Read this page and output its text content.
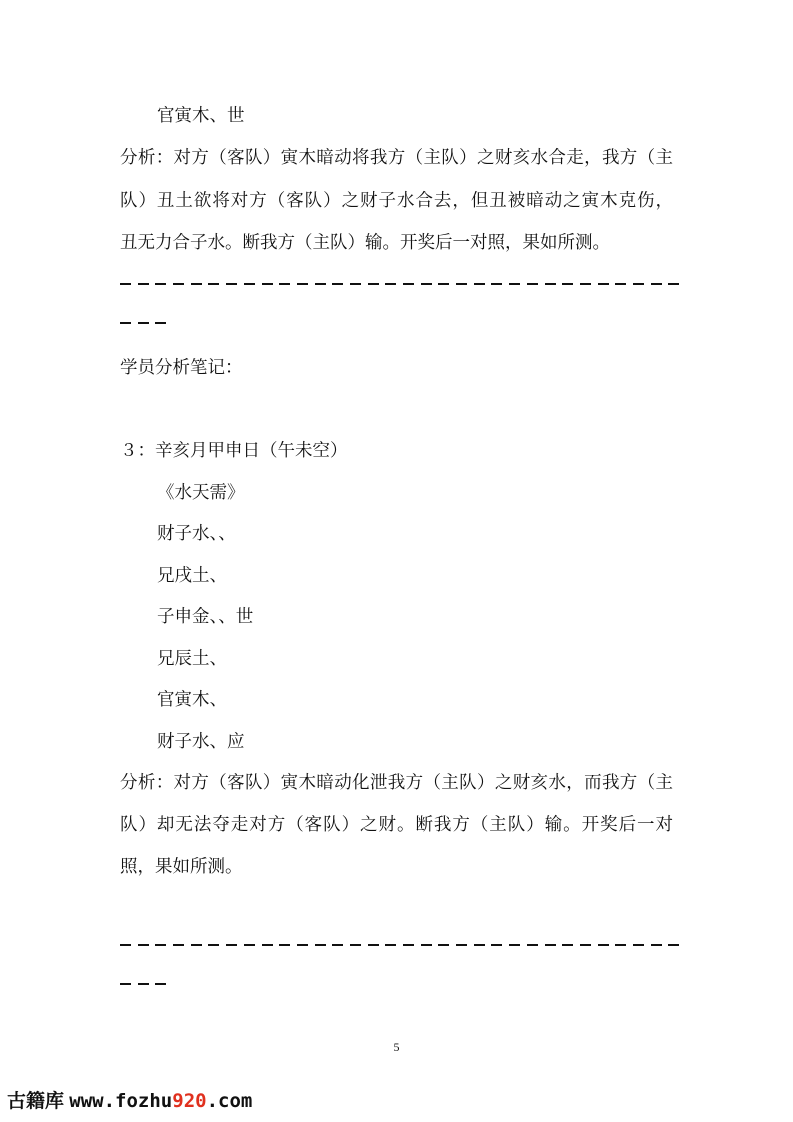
官寅木、世
分析：对方（客队）寅木暗动将我方（主队）之财亥水合走，我方（主
队）丑土欲将对方（客队）之财子水合去，但丑被暗动之寅木克伤，
丑无力合子水。断我方（主队）输。开奖后一对照，果如所测。
学员分析笔记：
３：辛亥月甲申日（午未空）
《水天需》
财子水、、
兄戌土、
子申金、、世
兄辰土、
官寅木、
财子水、应
分析：对方（客队）寅木暗动化泄我方（主队）之财亥水，而我方（主
队）却无法夺走对方（客队）之财。断我方（主队）输。开奖后一对
照，果如所测。
5
古籍库 www.fozhu920.com
